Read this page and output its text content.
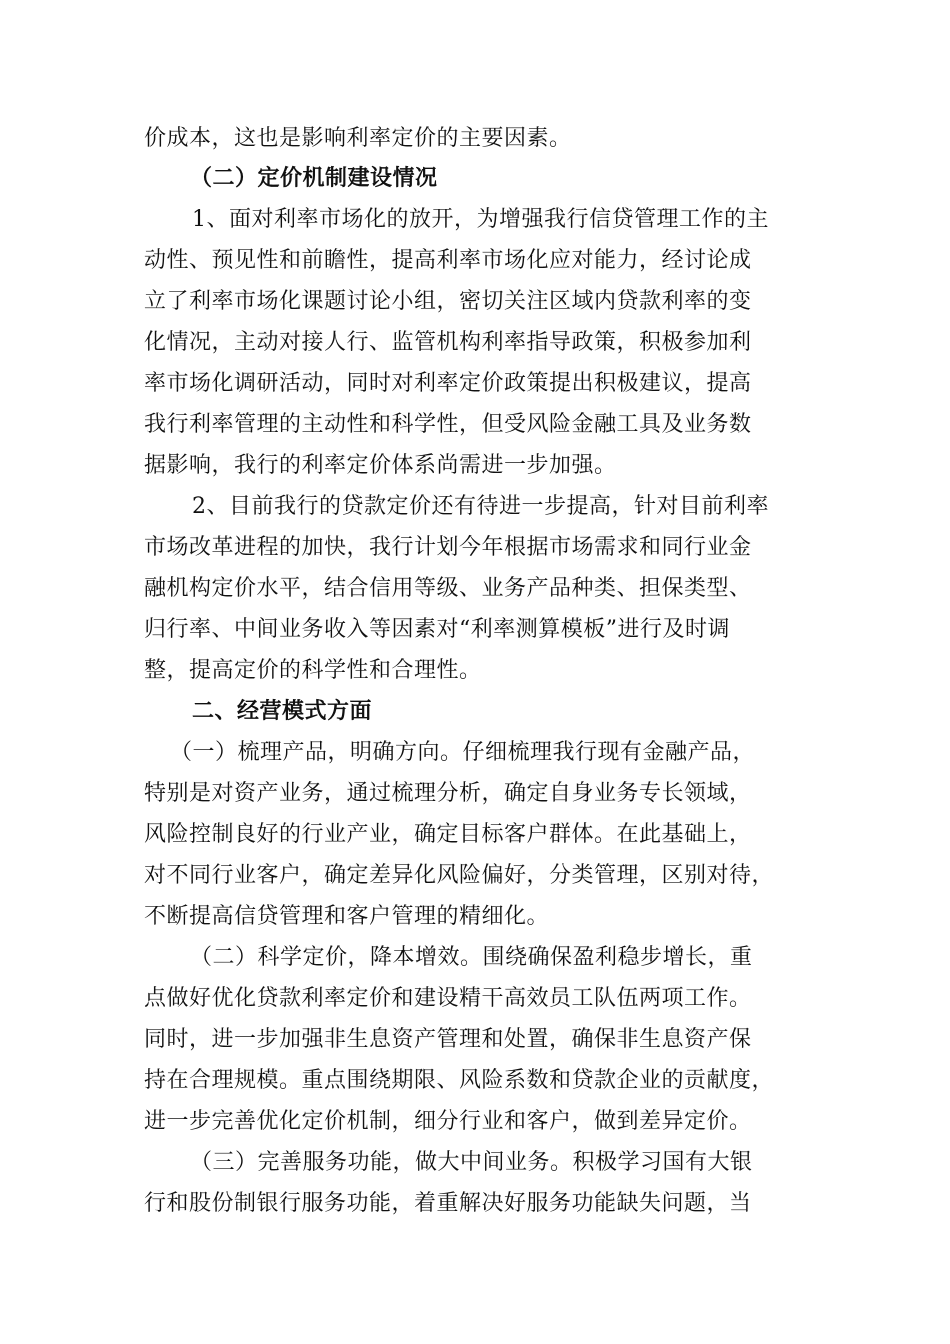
价成本，这也是影响利率定价的主要因素。
（二）定价机制建设情况
1、面对利率市场化的放开，为增强我行信贷管理工作的主
动性、预见性和前瞻性，提高利率市场化应对能力，经讨论成
立了利率市场化课题讨论小组，密切关注区域内贷款利率的变
化情况，主动对接人行、监管机构利率指导政策，积极参加利
率市场化调研活动，同时对利率定价政策提出积极建议，提高
我行利率管理的主动性和科学性，但受风险金融工具及业务数
据影响，我行的利率定价体系尚需进一步加强。
2、目前我行的贷款定价还有待进一步提高，针对目前利率
市场改革进程的加快，我行计划今年根据市场需求和同行业金
融机构定价水平，结合信用等级、业务产品种类、担保类型、
归行率、中间业务收入等因素对“利率测算模板”进行及时调
整，提高定价的科学性和合理性。
二、经营模式方面
（一）梳理产品，明确方向。仔细梳理我行现有金融产品，
特别是对资产业务，通过梳理分析，确定自身业务专长领域，
风险控制良好的行业产业，确定目标客户群体。在此基础上，
对不同行业客户，确定差异化风险偏好，分类管理，区别对待，
不断提高信贷管理和客户管理的精细化。
（二）科学定价，降本增效。围绕确保盈利稳步增长，重
点做好优化贷款利率定价和建设精干高效员工队伍两项工作。
同时，进一步加强非生息资产管理和处置，确保非生息资产保
持在合理规模。重点围绕期限、风险系数和贷款企业的贡献度，
进一步完善优化定价机制，细分行业和客户，做到差异定价。
（三）完善服务功能，做大中间业务。积极学习国有大银
行和股份制银行服务功能，着重解决好服务功能缺失问题，当
